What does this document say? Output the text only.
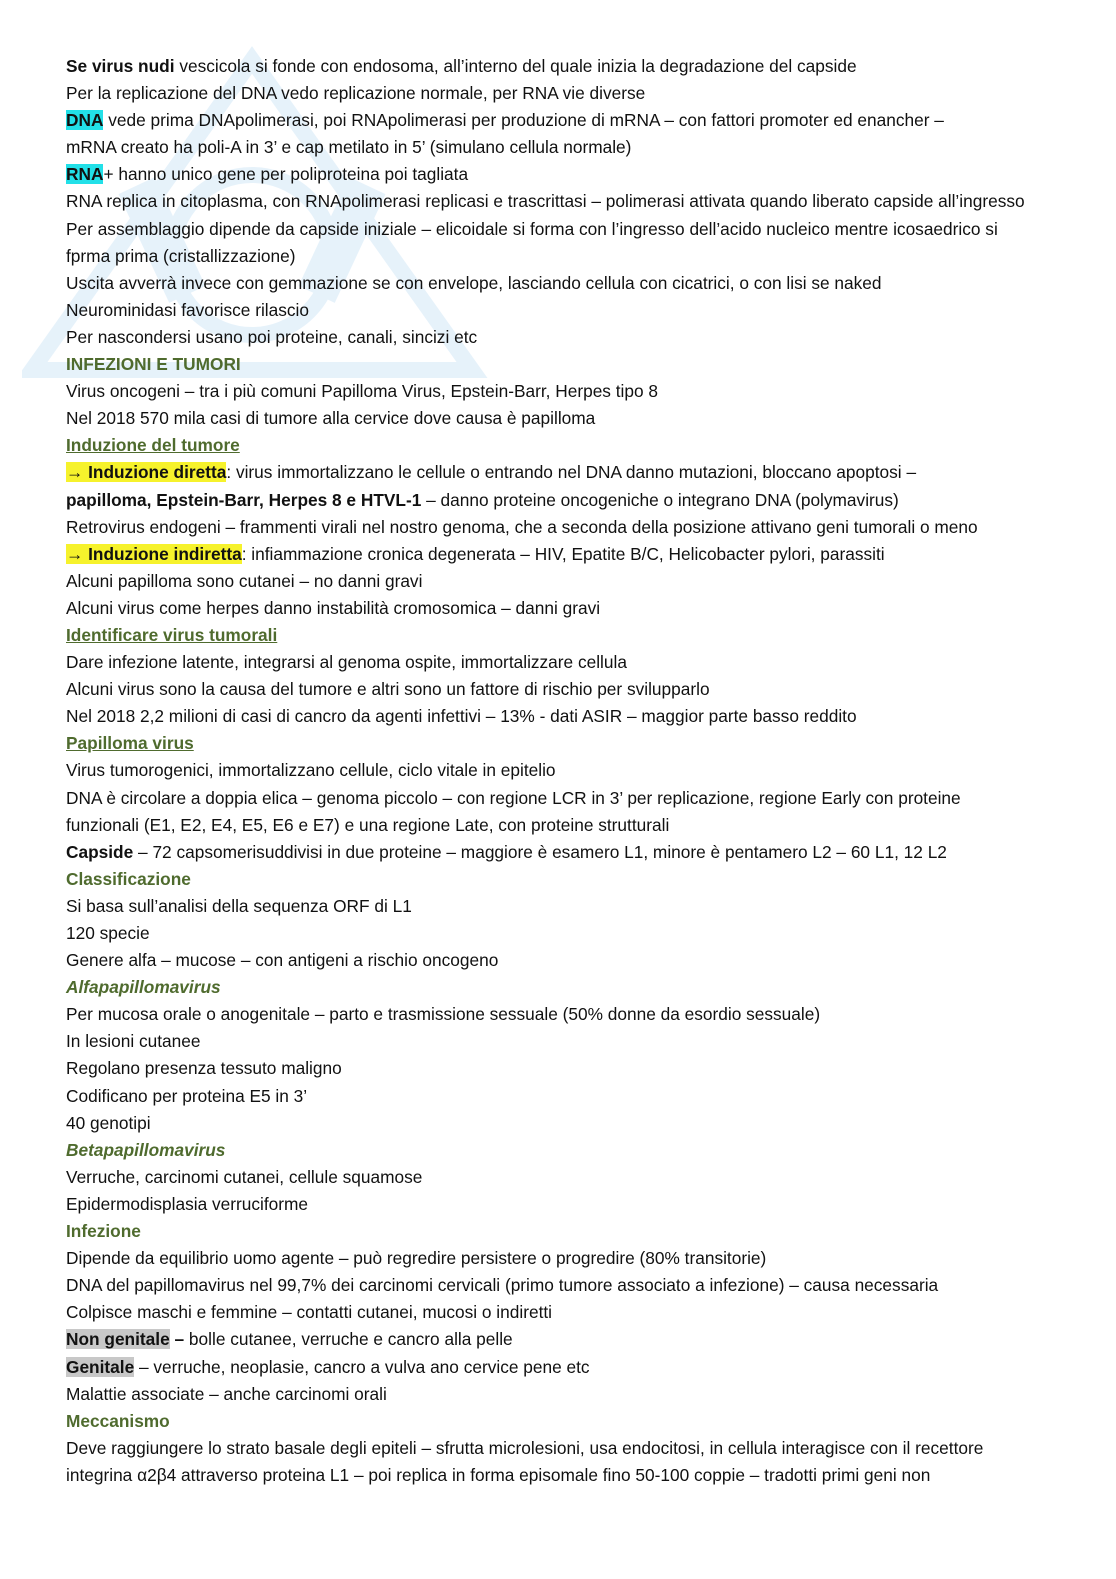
Se virus nudi vescicola si fonde con endosoma, all’interno del quale inizia la degradazione del capside
Per la replicazione del DNA vedo replicazione normale, per RNA vie diverse
DNA vede prima DNApolimerasi, poi RNApolimerasi per produzione di mRNA – con fattori promoter ed enancher –
mRNA creato ha poli-A in 3’ e cap metilato in 5’ (simulano cellula normale)
RNA+ hanno unico gene per poliproteina poi tagliata
RNA replica in citoplasma, con RNApolimerasi replicasi e trascrittasi – polimerasi attivata quando liberato capside all’ingresso
Per assemblaggio dipende da capside iniziale – elicoidale si forma con l’ingresso dell’acido nucleico mentre icosaedrico si
fprma prima (cristallizzazione)
Uscita avverrà invece con gemmazione se con envelope, lasciando cellula con cicatrici, o con lisi se naked
Neurominidasi favorisce rilascio
Per nascondersi usano poi proteine, canali, sincizi etc
INFEZIONI E TUMORI
Virus oncogeni – tra i più comuni Papilloma Virus, Epstein-Barr, Herpes tipo 8
Nel 2018 570 mila casi di tumore alla cervice dove causa è papilloma
Induzione del tumore
→ Induzione diretta: virus immortalizzano le cellule o entrando nel DNA danno mutazioni, bloccano apoptosi –
papilloma, Epstein-Barr, Herpes 8 e HTVL-1 – danno proteine oncogeniche o integrano DNA (polymavirus)
Retrovirus endogeni – frammenti virali nel nostro genoma, che a seconda della posizione attivano geni tumorali o meno
→ Induzione indiretta: infiammazione cronica degenerata – HIV, Epatite B/C, Helicobacter pylori, parassiti
Alcuni papilloma sono cutanei – no danni gravi
Alcuni virus come herpes danno instabilità cromosomica – danni gravi
Identificare virus tumorali
Dare infezione latente, integrarsi al genoma ospite, immortalizzare cellula
Alcuni virus sono la causa del tumore e altri sono un fattore di rischio per svilupparlo
Nel 2018 2,2 milioni di casi di cancro da agenti infettivi – 13% - dati ASIR – maggior parte basso reddito
Papilloma virus
Virus tumorogenici, immortalizzano cellule, ciclo vitale in epitelio
DNA è circolare a doppia elica – genoma piccolo – con regione LCR in 3’ per replicazione, regione Early con proteine
funzionali (E1, E2, E4, E5, E6 e E7) e una regione Late, con proteine strutturali
Capside – 72 capsomerisuddivisi in due proteine – maggiore è esamero L1, minore è pentamero L2 – 60 L1, 12 L2
Classificazione
Si basa sull’analisi della sequenza ORF di L1
120 specie
Genere alfa – mucose – con antigeni a rischio oncogeno
Alfapapillomavirus
Per mucosa orale o anogenitale – parto e trasmissione sessuale (50% donne da esordio sessuale)
In lesioni cutanee
Regolano presenza tessuto maligno
Codificano per proteina E5 in 3’
40 genotipi
Betapapillomavirus
Verruche, carcinomi cutanei, cellule squamose
Epidermodisplasia verruciforme
Infezione
Dipende da equilibrio uomo agente – può regredire persistere o progredire (80% transitorie)
DNA del papillomavirus nel 99,7% dei carcinomi cervicali (primo tumore associato a infezione) – causa necessaria
Colpisce maschi e femmine – contatti cutanei, mucosi o indiretti
Non genitale – bolle cutanee, verruche e cancro alla pelle
Genitale – verruche, neoplasie, cancro a vulva ano cervice pene etc
Malattie associate – anche carcinomi orali
Meccanismo
Deve raggiungere lo strato basale degli epiteli – sfrutta microlesioni, usa endocitosi, in cellula interagisce con il recettore
integrina α2β4 attraverso proteina L1 – poi replica in forma episomale fino 50-100 coppie – tradotti primi geni non
